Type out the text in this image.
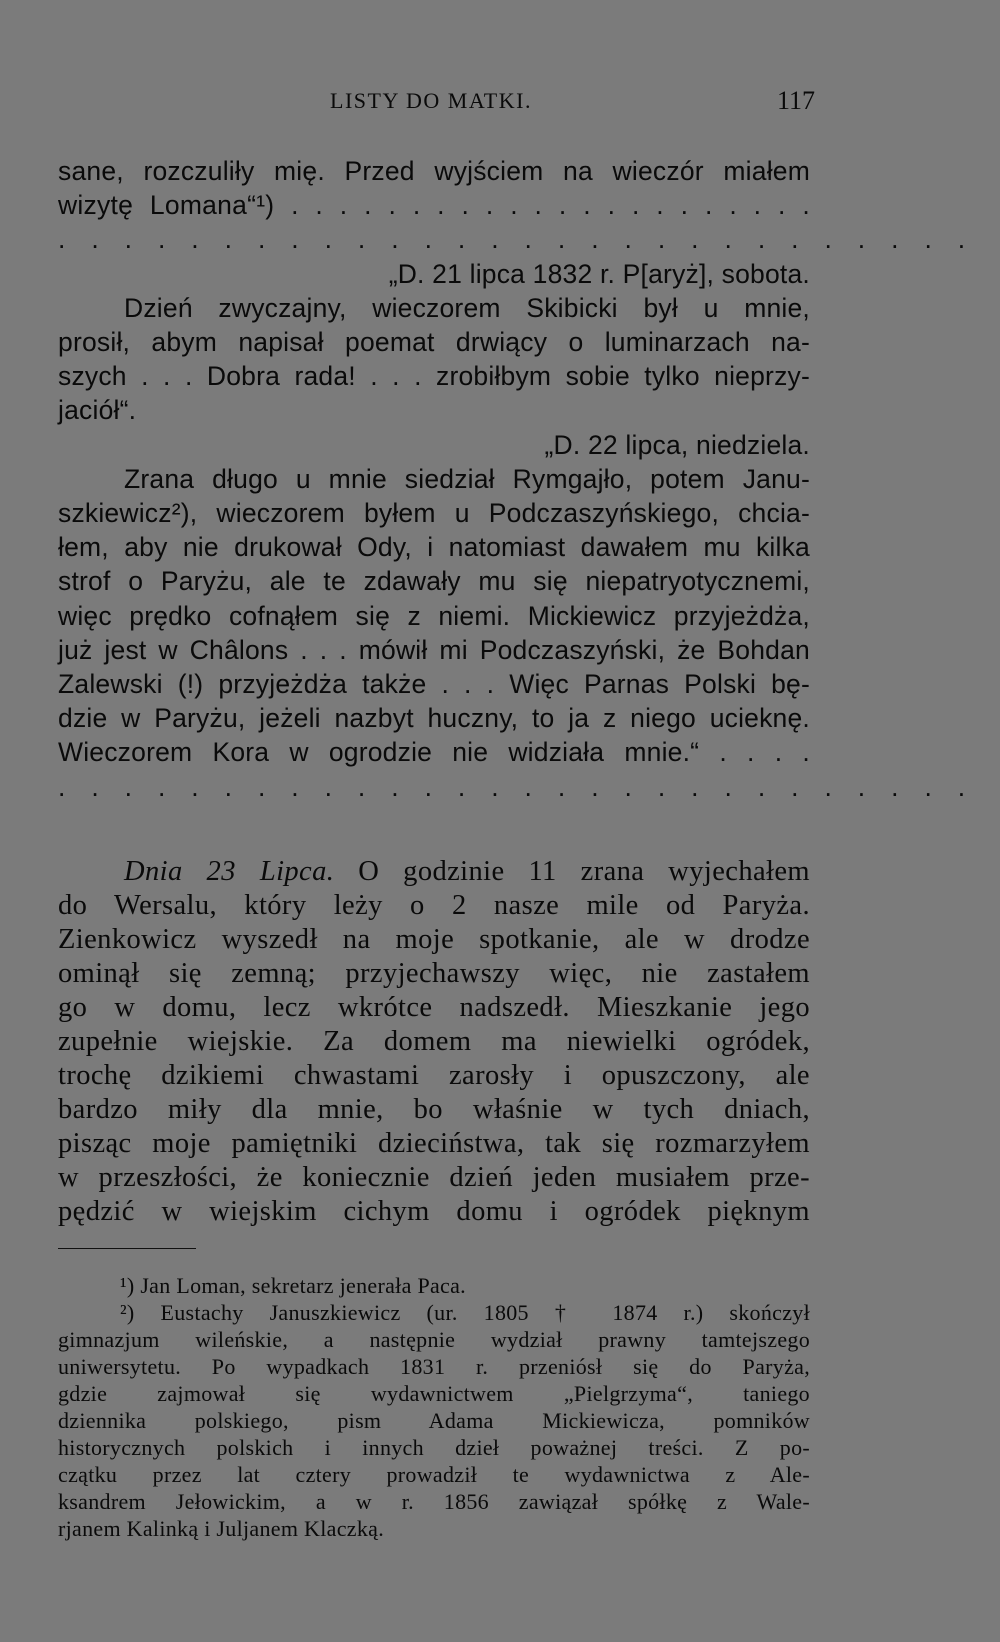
LISTY DO MATKI.	117
sane, rozczuliły mię. Przed wyjściem na wieczór miałem
wizytę Lomana“¹) . . . . . . . . . . . . . . . . . . . . . .
. . . . . . . . . . . . . . . . . . . . . . . . . . . .
„D. 21 lipca 1832 r. P[aryż], sobota.
Dzień zwyczajny, wieczorem Skibicki był u mnie,
prosił, abym napisał poemat drwiący o luminarzach na-
szych . . . Dobra rada! . . . zrobiłbym sobie tylko nieprzy-
jaciół“.
„D. 22 lipca, niedziela.
Zrana długo u mnie siedział Rymgajło, potem Janu-
szkiewicz²), wieczorem byłem u Podczaszyńskiego, chcia-
łem, aby nie drukował Ody, i natomiast dawałem mu kilka
strof o Paryżu, ale te zdawały mu się niepatryotycznemi,
więc prędko cofnąłem się z niemi. Mickiewicz przyjeżdża,
już jest w Châlons . . . mówił mi Podczaszyński, że Bohdan
Zalewski (!) przyjeżdża także . . . Więc Parnas Polski bę-
dzie w Paryżu, jeżeli nazbyt huczny, to ja z niego ucieknę.
Wieczorem Kora w ogrodzie nie widziała mnie.“ . . . .
. . . . . . . . . . . . . . . . . . . . . . . . . . . .
Dnia 23 Lipca. O godzinie 11 zrana wyjechałem
do Wersalu, który leży o 2 nasze mile od Paryża.
Zienkowicz wyszedł na moje spotkanie, ale w drodze
ominął się zemną; przyjechawszy więc, nie zastałem
go w domu, lecz wkrótce nadszedł. Mieszkanie jego
zupełnie wiejskie. Za domem ma niewielki ogródek,
trochę dzikiemi chwastami zarosły i opuszczony, ale
bardzo miły dla mnie, bo właśnie w tych dniach,
pisząc moje pamiętniki dzieciństwa, tak się rozmarzyłem
w przeszłości, że koniecznie dzień jeden musiałem prze-
pędzić w wiejskim cichym domu i ogródek pięknym
¹) Jan Loman, sekretarz jenerała Paca.
²) Eustachy Januszkiewicz (ur. 1805 † 1874 r.) skończył
gimnazjum wileńskie, a następnie wydział prawny tamtejszego
uniwersytetu. Po wypadkach 1831 r. przeniósł się do Paryża,
gdzie zajmował się wydawnictwem „Pielgrzyma“, taniego
dziennika polskiego, pism Adama Mickiewicza, pomników
historycznych polskich i innych dzieł poważnej treści. Z po-
czątku przez lat cztery prowadził te wydawnictwa z Ale-
ksandrem Jełowickim, a w r. 1856 zawiązał spółkę z Wale-
rjanem Kalinką i Juljanem Klaczką.
